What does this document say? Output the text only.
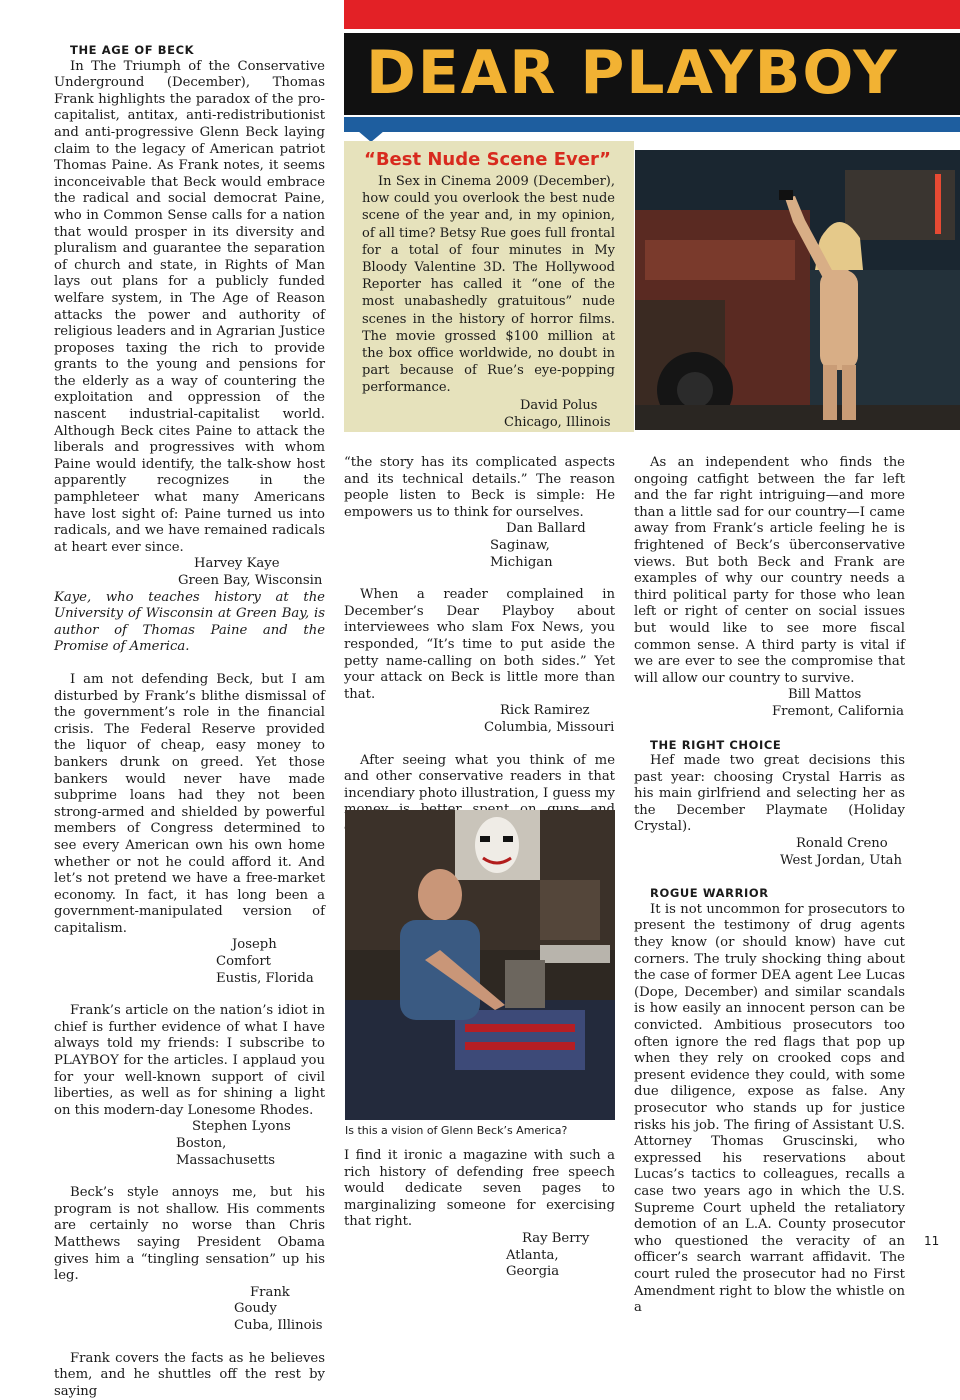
DEAR PLAYBOY
“Best Nude Scene Ever”

In Sex in Cinema 2009 (December), how could you overlook the best nude scene of the year and, in my opinion, of all time? Betsy Rue goes full frontal for a total of four minutes in My Bloody Valentine 3D. The Hollywood Reporter has called it “one of the most unabashedly gratuitous” nude scenes in the history of horror films. The movie grossed $100 million at the box office worldwide, no doubt in part because of Rue’s eye-popping performance.

David Polus
Chicago, Illinois

THE AGE OF BECK

In The Triumph of the Conservative Underground (December), Thomas Frank highlights the paradox of the pro-capitalist, antitax, anti-redistributionist and anti-progressive Glenn Beck laying claim to the legacy of American patriot Thomas Paine. As Frank notes, it seems inconceivable that Beck would embrace the radical and social democrat Paine, who in Common Sense calls for a nation that would prosper in its diversity and pluralism and guarantee the separation of church and state, in Rights of Man lays out plans for a publicly funded welfare system, in The Age of Reason attacks the power and authority of religious leaders and in Agrarian Justice proposes taxing the rich to provide grants to the young and pensions for the elderly as a way of countering the exploitation and oppression of the nascent industrial-capitalist world. Although Beck cites Paine to attack the liberals and progressives with whom Paine would identify, the talk-show host apparently recognizes in the pamphleteer what many Americans have lost sight of: Paine turned us into radicals, and we have remained radicals at heart ever since.

Harvey Kaye
Green Bay, Wisconsin

Kaye, who teaches history at the University of Wisconsin at Green Bay, is author of Thomas Paine and the Promise of America.

I am not defending Beck, but I am disturbed by Frank’s blithe dismissal of the government’s role in the financial crisis. The Federal Reserve provided the liquor of cheap, easy money to bankers drunk on greed. Yet those bankers would never have made subprime loans had they not been strong-armed and shielded by powerful members of Congress determined to see every American own his own home whether or not he could afford it. And let’s not pretend we have a free-market economy. In fact, it has long been a government-manipulated version of capitalism.

Joseph Comfort
Eustis, Florida

Frank’s article on the nation’s idiot in chief is further evidence of what I have always told my friends: I subscribe to PLAYBOY for the articles. I applaud you for your well-known support of civil liberties, as well as for shining a light on this modern-day Lonesome Rhodes.

Stephen Lyons
Boston, Massachusetts

Beck’s style annoys me, but his program is not shallow. His comments are certainly no worse than Chris Matthews saying President Obama gives him a “tingling sensation” up his leg.

Frank Goudy
Cuba, Illinois

Frank covers the facts as he believes them, and he shuttles off the rest by saying

“the story has its complicated aspects and its technical details.” The reason people listen to Beck is simple: He empowers us to think for ourselves.

Dan Ballard
Saginaw, Michigan

When a reader complained in December’s Dear Playboy about interviewees who slam Fox News, you responded, “It’s time to put aside the petty name-calling on both sides.” Yet your attack on Beck is little more than that.

Rick Ramirez
Columbia, Missouri

After seeing what you think of me and other conservative readers in that incendiary photo illustration, I guess my

Is this a vision of Glenn Beck’s America?

I find it ironic a magazine with such a rich history of defending free speech would dedicate seven pages to marginalizing someone for exercising that right.

Ray Berry
Atlanta, Georgia

As an independent who finds the ongoing catfight between the far left and the far right intriguing—and more than a little sad for our country—I came away from Frank’s article feeling he is frightened of Beck’s überconservative views. But both Beck and Frank are examples of why our country needs a third political party for those who lean left or right of center on social issues but would like to see more fiscal common sense. A third party is vital if we are ever to see the compromise that will allow our country to survive.

Bill Mattos
Fremont, California

THE RIGHT CHOICE

Hef made two great decisions this past year: choosing Crystal Harris as his main girlfriend and selecting her as the December Playmate (Holiday Crystal).

Ronald Creno
West Jordan, Utah

ROGUE WARRIOR

It is not uncommon for prosecutors to present the testimony of drug agents they know (or should know) have cut corners. The truly shocking thing about the case of former DEA agent Lee Lucas (Dope, December) and similar scandals is how easily an innocent person can be convicted. Ambitious prosecutors too often ignore the red flags that pop up when they rely on crooked cops and present evidence they could, with some due diligence, expose as false. Any prosecutor who stands up for justice risks his job. The firing of Assistant U.S. Attorney Thomas Gruscinski, who expressed his reservations about Lucas’s tactics to colleagues, recalls a case two years ago in which the U.S. Supreme Court upheld the retaliatory demotion of an L.A. County prosecutor who questioned the veracity of an officer’s search warrant affidavit. The court ruled the prosecutor had no First Amendment right to blow the whistle on a

11
